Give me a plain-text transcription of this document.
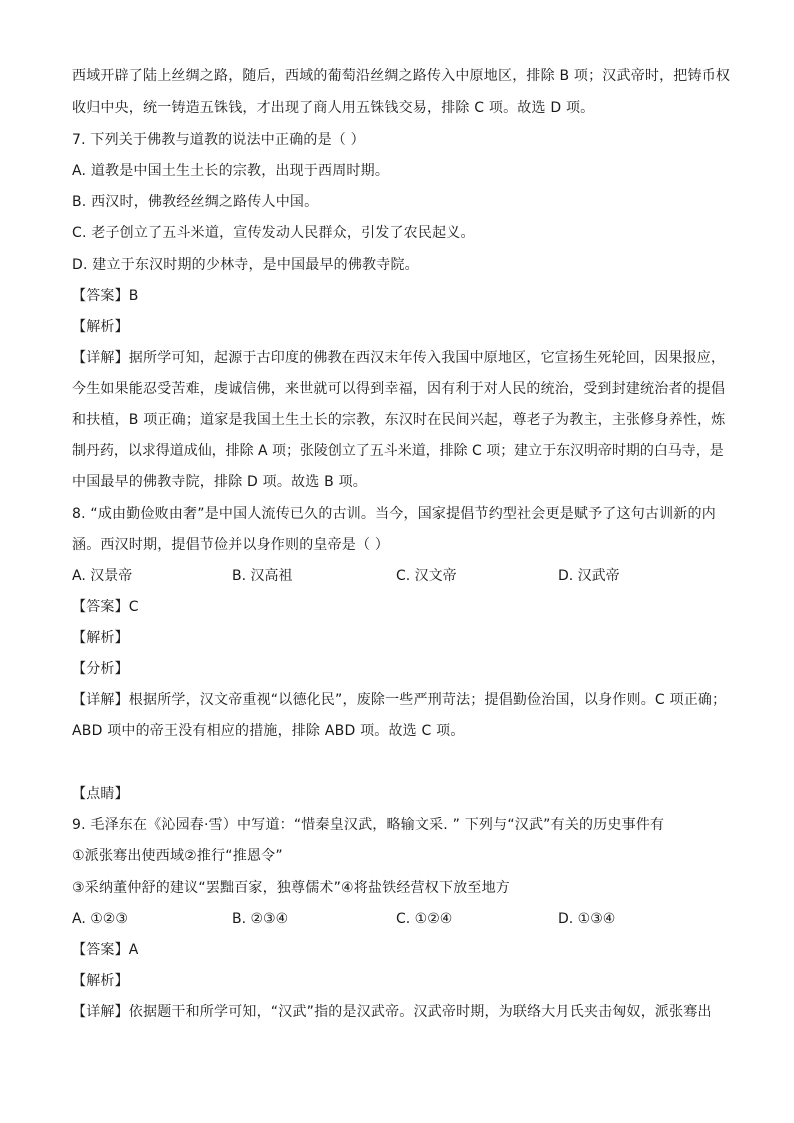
西域开辟了陆上丝绸之路，随后，西域的葡萄沿丝绸之路传入中原地区，排除 B 项；汉武帝时，把铸币权
收归中央，统一铸造五铢钱，才出现了商人用五铢钱交易，排除 C 项。故选 D 项。
7. 下列关于佛教与道教的说法中正确的是（ ）
A. 道教是中国土生土长的宗教，出现于西周时期。
B. 西汉时，佛教经丝绸之路传人中国。
C. 老子创立了五斗米道，宣传发动人民群众，引发了农民起义。
D. 建立于东汉时期的少林寺，是中国最早的佛教寺院。
【答案】B
【解析】
【详解】据所学可知，起源于古印度的佛教在西汉末年传入我国中原地区，它宣扬生死轮回，因果报应，
今生如果能忍受苦难，虔诚信佛，来世就可以得到幸福，因有利于对人民的统治，受到封建统治者的提倡
和扶植，B 项正确；道家是我国土生土长的宗教，东汉时在民间兴起，尊老子为教主，主张修身养性，炼
制丹药，以求得道成仙，排除 A 项；张陵创立了五斗米道，排除 C 项；建立于东汉明帝时期的白马寺，是
中国最早的佛教寺院，排除 D 项。故选 B 项。
8. “成由勤俭败由奢”是中国人流传已久的古训。当今，国家提倡节约型社会更是赋予了这句古训新的内
涵。西汉时期，提倡节俭并以身作则的皇帝是（ ）
A. 汉景帝	B. 汉高祖	C. 汉文帝	D. 汉武帝
【答案】C
【解析】
【分析】
【详解】根据所学，汉文帝重视“以德化民”，废除一些严刑苛法；提倡勤俭治国，以身作则。C 项正确；
ABD 项中的帝王没有相应的措施，排除 ABD 项。故选 C 项。
【点睛】
9. 毛泽东在《沁园春·雪）中写道：“惜秦皇汉武，略输文采. ” 下列与“汉武”有关的历史事件有
①派张骞出使西域②推行“推恩令”
③采纳董仲舒的建议“罢黜百家，独尊儒术”④将盐铁经营权下放至地方
A. ①②③	B. ②③④	C. ①②④	D. ①③④
【答案】A
【解析】
【详解】依据题干和所学可知，“汉武”指的是汉武帝。汉武帝时期，为联络大月氏夹击匈奴，派张骞出
